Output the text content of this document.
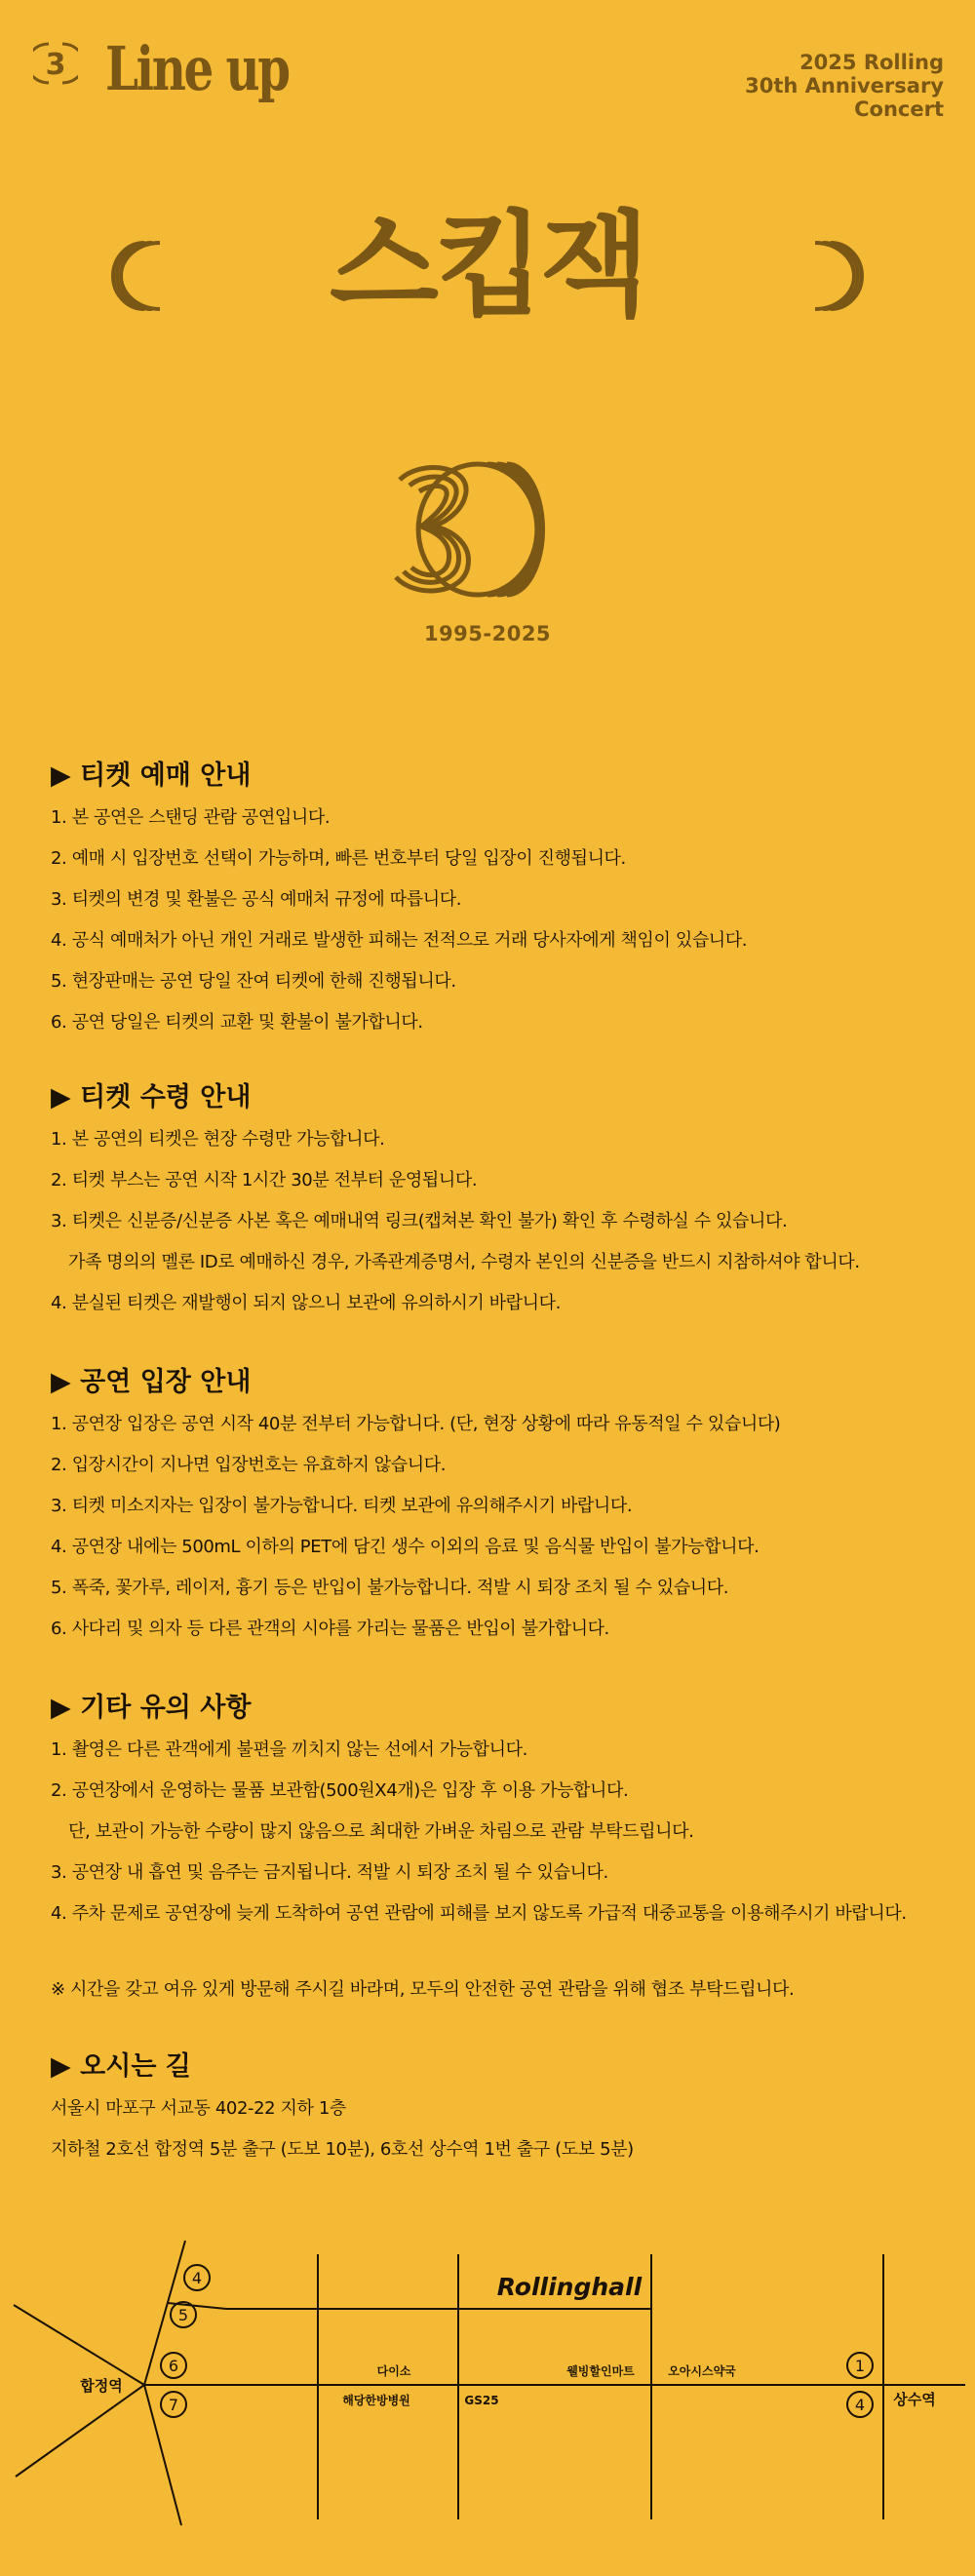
3 Line up	2025 Rolling
30th Anniversary
Concert
스킵잭
1995-2025
▶ 티켓 예매 안내
1. 본 공연은 스탠딩 관람 공연입니다.
2. 예매 시 입장번호 선택이 가능하며, 빠른 번호부터 당일 입장이 진행됩니다.
3. 티켓의 변경 및 환불은 공식 예매처 규정에 따릅니다.
4. 공식 예매처가 아닌 개인 거래로 발생한 피해는 전적으로 거래 당사자에게 책임이 있습니다.
5. 현장판매는 공연 당일 잔여 티켓에 한해 진행됩니다.
6. 공연 당일은 티켓의 교환 및 환불이 불가합니다.
▶ 티켓 수령 안내
1. 본 공연의 티켓은 현장 수령만 가능합니다.
2. 티켓 부스는 공연 시작 1시간 30분 전부터 운영됩니다.
3. 티켓은 신분증/신분증 사본 혹은 예매내역 링크(캡쳐본 확인 불가) 확인 후 수령하실 수 있습니다.
가족 명의의 멜론 ID로 예매하신 경우, 가족관계증명서, 수령자 본인의 신분증을 반드시 지참하셔야 합니다.
4. 분실된 티켓은 재발행이 되지 않으니 보관에 유의하시기 바랍니다.
▶ 공연 입장 안내
1. 공연장 입장은 공연 시작 40분 전부터 가능합니다. (단, 현장 상황에 따라 유동적일 수 있습니다)
2. 입장시간이 지나면 입장번호는 유효하지 않습니다.
3. 티켓 미소지자는 입장이 불가능합니다. 티켓 보관에 유의해주시기 바랍니다.
4. 공연장 내에는 500mL 이하의 PET에 담긴 생수 이외의 음료 및 음식물 반입이 불가능합니다.
5. 폭죽, 꽃가루, 레이저, 흉기 등은 반입이 불가능합니다. 적발 시 퇴장 조치 될 수 있습니다.
6. 사다리 및 의자 등 다른 관객의 시야를 가리는 물품은 반입이 불가합니다.
▶ 기타 유의 사항
1. 촬영은 다른 관객에게 불편을 끼치지 않는 선에서 가능합니다.
2. 공연장에서 운영하는 물품 보관함(500원X4개)은 입장 후 이용 가능합니다.
단, 보관이 가능한 수량이 많지 않음으로 최대한 가벼운 차림으로 관람 부탁드립니다.
3. 공연장 내 흡연 및 음주는 금지됩니다. 적발 시 퇴장 조치 될 수 있습니다.
4. 주차 문제로 공연장에 늦게 도착하여 공연 관람에 피해를 보지 않도록 가급적 대중교통을 이용해주시기 바랍니다.
※ 시간을 갖고 여유 있게 방문해 주시길 바라며, 모두의 안전한 공연 관람을 위해 협조 부탁드립니다.
▶ 오시는 길
서울시 마포구 서교동 402-22 지하 1층
지하철 2호선 합정역 5분 출구 (도보 10분), 6호선 상수역 1번 출구 (도보 5분)
Rollinghall
합정역
상수역
다이소	웰빙할인마트	오아시스약국
해당한방병원	GS25
4
5
6
7
1
4
